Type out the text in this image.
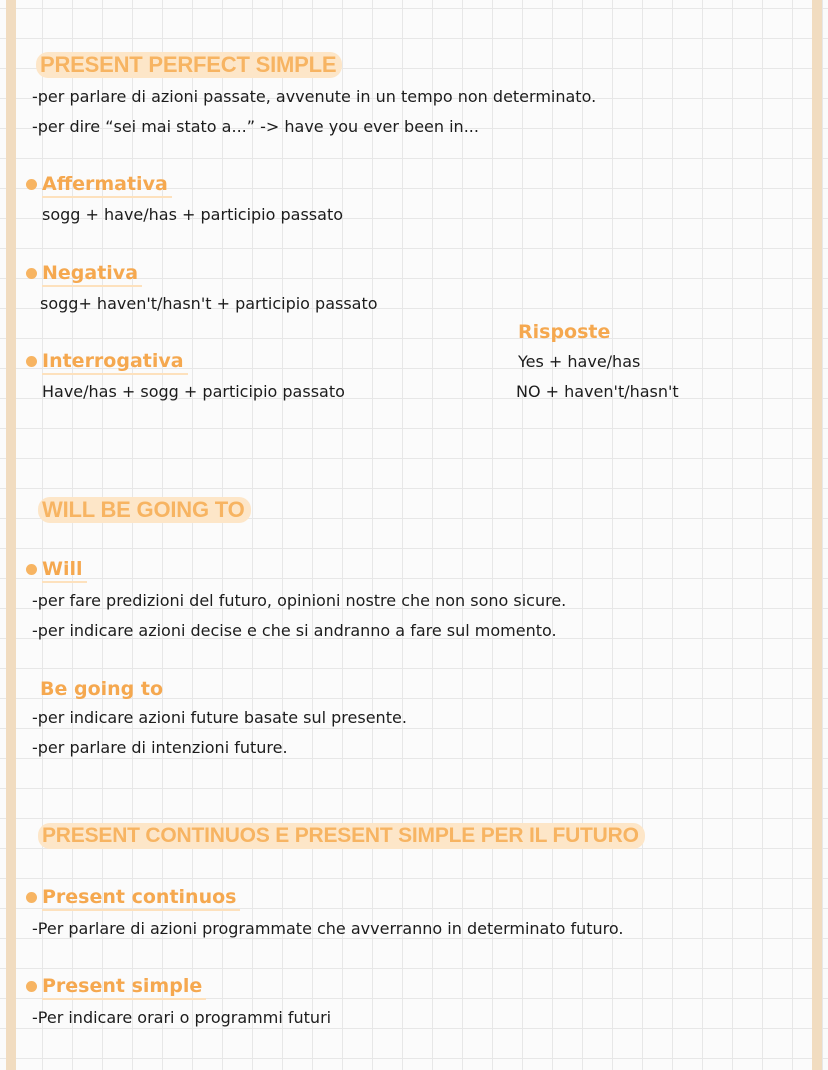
PRESENT PERFECT SIMPLE
-per parlare di azioni passate, avvenute in un tempo non determinato.
-per dire “sei mai stato a...” -> have you ever been in...
Affermativa
sogg + have/has + participio passato
Negativa
sogg+ haven't/hasn't + participio passato
Risposte
Interrogativa	Yes + have/has
Have/has + sogg + participio passato	NO + haven't/hasn't
WILL BE GOING TO
Will
-per fare predizioni del futuro, opinioni nostre che non sono sicure.
-per indicare azioni decise e che si andranno a fare sul momento.
Be going to
-per indicare azioni future basate sul presente.
-per parlare di intenzioni future.
PRESENT CONTINUOS E PRESENT SIMPLE PER IL FUTURO
Present continuos
-Per parlare di azioni programmate che avverranno in determinato futuro.
Present simple
-Per indicare orari o programmi futuri
